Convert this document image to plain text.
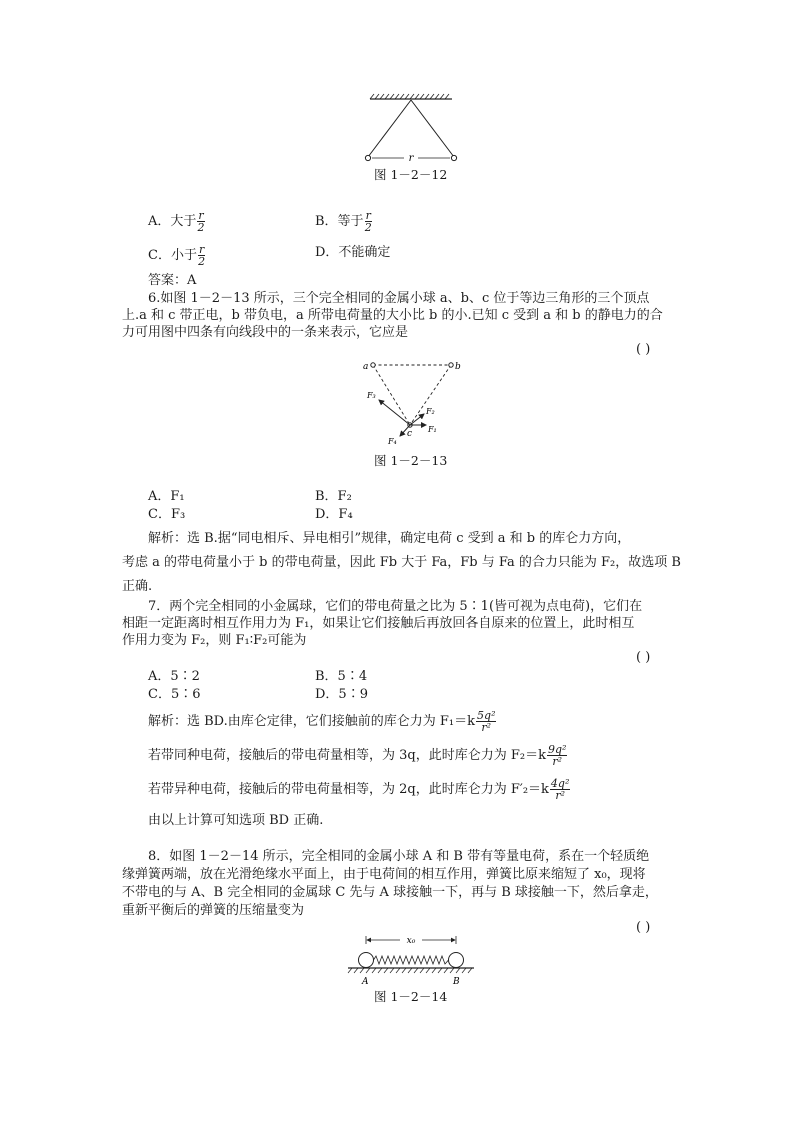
r
图 1－2－12
A．大于 $\frac{r}{2}$	B．等于 $\frac{r}{2}$
C．小于 $\frac{r}{2}$	D．不能确定
答案：A
6.如图 1－2－13 所示，三个完全相同的金属小球 a、b、c 位于等边三角形的三个顶点
上.a 和 c 带正电，b 带负电，a 所带电荷量的大小比 b 的小.已知 c 受到 a 和 b 的静电力的合
力可用图中四条有向线段中的一条来表示，它应是
( )
a	b
c F₁
F₂
F₃
F₄
图 1－2－13
A．F₁	B．F₂
C．F₃	D．F₄
解析：选 B.据“同电相斥、异电相引”规律，确定电荷 c 受到 a 和 b 的库仑力方向，
考虑 a 的带电荷量小于 b 的带电荷量，因此 Fb 大于 Fa，Fb 与 Fa 的合力只能为 F₂，故选项 B
正确.
7．两个完全相同的小金属球，它们的带电荷量之比为 5∶1(皆可视为点电荷)，它们在
相距一定距离时相互作用力为 F₁，如果让它们接触后再放回各自原来的位置上，此时相互
作用力变为 F₂，则 F₁∶F₂可能为
( )
A．5∶2	B．5∶4
C．5∶6	D．5∶9
解析：选 BD.由库仑定律，它们接触前的库仑力为 $F_1=k \frac{\text{5q²}}{\text{r²}}$
若带同种电荷，接触后的带电荷量相等，为 3q，此时库仑力为 $F_2=k \frac{\text{9q²}}{\text{r²}}$
若带异种电荷，接触后的带电荷量相等，为 2q，此时库仑力为 $F'_2=k \frac{\text{4q²}}{\text{r²}}$
由以上计算可知选项 BD 正确.
8．如图 1－2－14 所示，完全相同的金属小球 A 和 B 带有等量电荷，系在一个轻质绝
缘弹簧两端，放在光滑绝缘水平面上，由于电荷间的相互作用，弹簧比原来缩短了 x₀，现将
不带电的与 A、B 完全相同的金属球 C 先与 A 球接触一下，再与 B 球接触一下，然后拿走，
重新平衡后的弹簧的压缩量变为
( )
x₀
A	B
图 1－2－14
